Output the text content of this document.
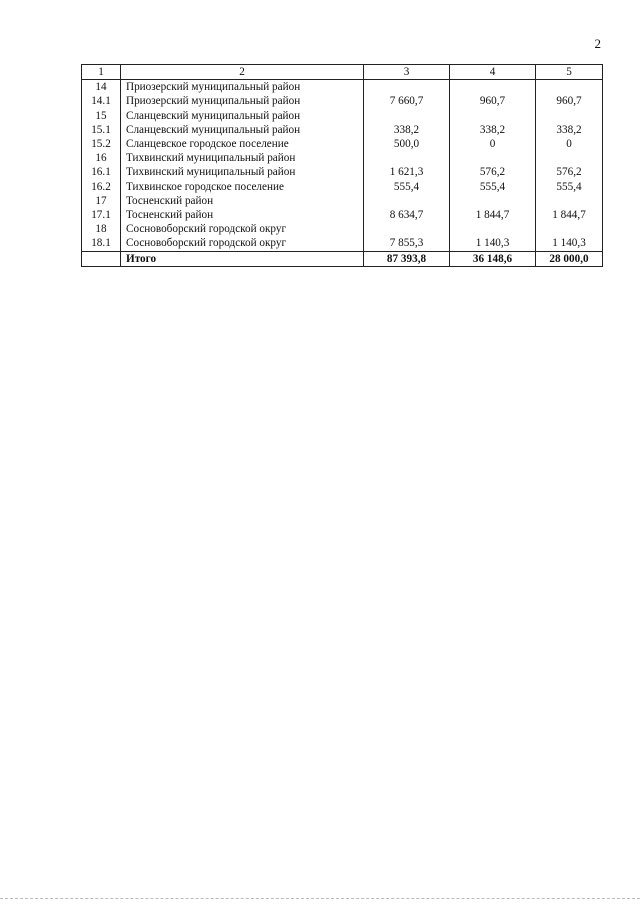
2
1	2	3	4	5
14	Приозерский муниципальный район			
14.1	Приозерский муниципальный район	7 660,7	960,7	960,7
15	Сланцевский муниципальный район			
15.1	Сланцевский муниципальный район	338,2	338,2	338,2
15.2	Сланцевское городское поселение	500,0	0	0
16	Тихвинский муниципальный район			
16.1	Тихвинский муниципальный район	1 621,3	576,2	576,2
16.2	Тихвинское городское поселение	555,4	555,4	555,4
17	Тосненский район			
17.1	Тосненский район	8 634,7	1 844,7	1 844,7
18	Сосновоборский городской округ			
18.1	Сосновоборский городской округ	7 855,3	1 140,3	1 140,3
	Итого	87 393,8	36 148,6	28 000,0
